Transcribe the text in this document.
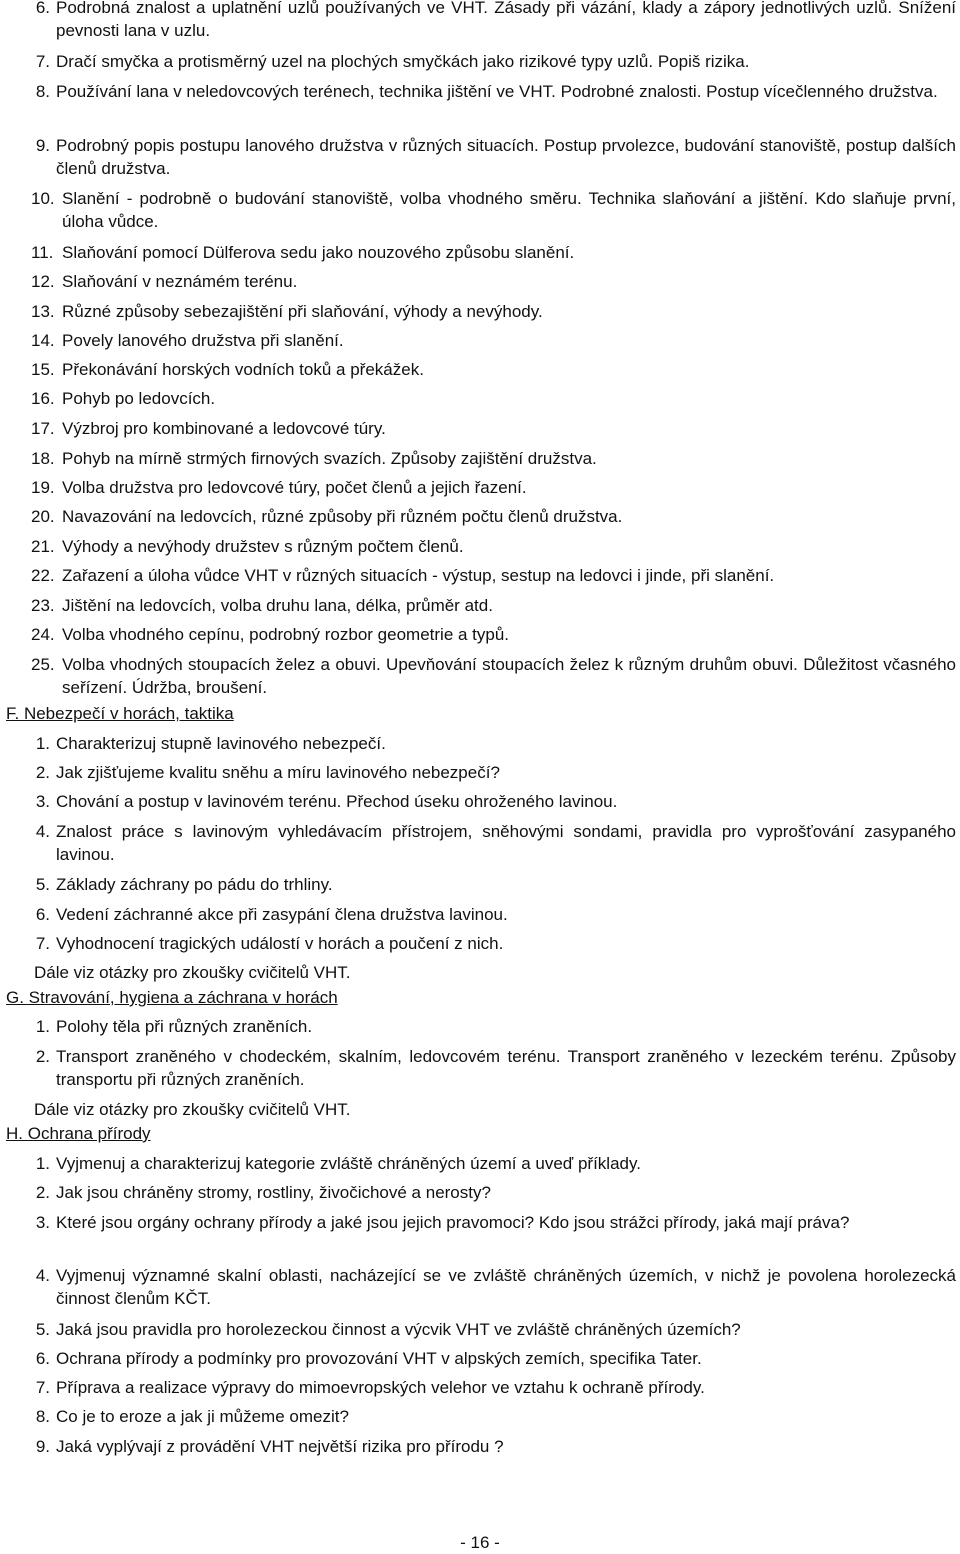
6. Podrobná znalost a uplatnění uzlů používaných ve VHT. Zásady při vázání, klady a zápory jednotlivých uzlů. Snížení pevnosti lana v uzlu.
7. Dračí smyčka a protisměrný uzel na plochých smyčkách jako rizikové typy uzlů. Popiš rizika.
8. Používání lana v neledovcových terénech, technika jištění ve VHT. Podrobné znalosti. Postup vícečlenného družstva.
9. Podrobný popis postupu lanového družstva v různých situacích. Postup prvolezce, budování stanoviště, postup dalších členů družstva.
10. Slanění - podrobně o budování stanoviště, volba vhodného směru. Technika slaňování a jištění. Kdo slaňuje první, úloha vůdce.
11. Slaňování pomocí Dülferova sedu jako nouzového způsobu slanění.
12. Slaňování v neznámém terénu.
13. Různé způsoby sebezajištění při slaňování, výhody a nevýhody.
14. Povely lanového družstva při slanění.
15. Překonávání horských vodních toků a překážek.
16. Pohyb po ledovcích.
17. Výzbroj pro kombinované a ledovcové túry.
18. Pohyb na mírně strmých firnových svazích. Způsoby zajištění družstva.
19. Volba družstva pro ledovcové túry, počet členů a jejich řazení.
20. Navazování na ledovcích, různé způsoby při různém počtu členů družstva.
21. Výhody a nevýhody družstev s různým počtem členů.
22. Zařazení a úloha vůdce VHT v různých situacích - výstup, sestup na ledovci i jinde, při slanění.
23. Jištění na ledovcích, volba druhu lana, délka, průměr atd.
24. Volba vhodného cepínu, podrobný rozbor geometrie a typů.
25. Volba vhodných stoupacích želez a obuvi. Upevňování stoupacích želez k různým druhům obuvi. Důležitost včasného seřízení. Údržba, broušení.
F. Nebezpečí v horách, taktika
1. Charakterizuj stupně lavinového nebezpečí.
2. Jak zjišťujeme kvalitu sněhu a míru lavinového nebezpečí?
3. Chování a postup v lavinovém terénu. Přechod úseku ohroženého lavinou.
4. Znalost práce s lavinovým vyhledávacím přístrojem, sněhovými sondami, pravidla pro vyprošťování zasypaného lavinou.
5. Základy záchrany po pádu do trhliny.
6. Vedení záchranné akce při zasypání člena družstva lavinou.
7. Vyhodnocení tragických událostí v horách a poučení z nich.
Dále viz otázky pro zkoušky cvičitelů VHT.
G. Stravování, hygiena a záchrana v horách
1. Polohy těla při různých zraněních.
2. Transport zraněného v chodeckém, skalním, ledovcovém terénu. Transport zraněného v lezeckém terénu. Způsoby transportu při různých zraněních.
Dále viz otázky pro zkoušky cvičitelů VHT.
H. Ochrana přírody
1. Vyjmenuj a charakterizuj kategorie zvláště chráněných území a uveď příklady.
2. Jak jsou chráněny stromy, rostliny, živočichové a nerosty?
3. Které jsou orgány ochrany přírody a jaké jsou jejich pravomoci? Kdo jsou strážci přírody, jaká mají práva?
4. Vyjmenuj významné skalní oblasti, nacházející se ve zvláště chráněných územích, v nichž je povolena horolezecká činnost členům KČT.
5. Jaká jsou pravidla pro horolezeckou činnost a výcvik VHT ve zvláště chráněných územích?
6. Ochrana přírody a podmínky pro provozování VHT v alpských zemích, specifika Tater.
7. Příprava a realizace výpravy do mimoevropských velehor ve vztahu k ochraně přírody.
8. Co je to eroze a jak ji můžeme omezit?
9. Jaká vyplývají z provádění VHT největší rizika pro přírodu ?
- 16 -
